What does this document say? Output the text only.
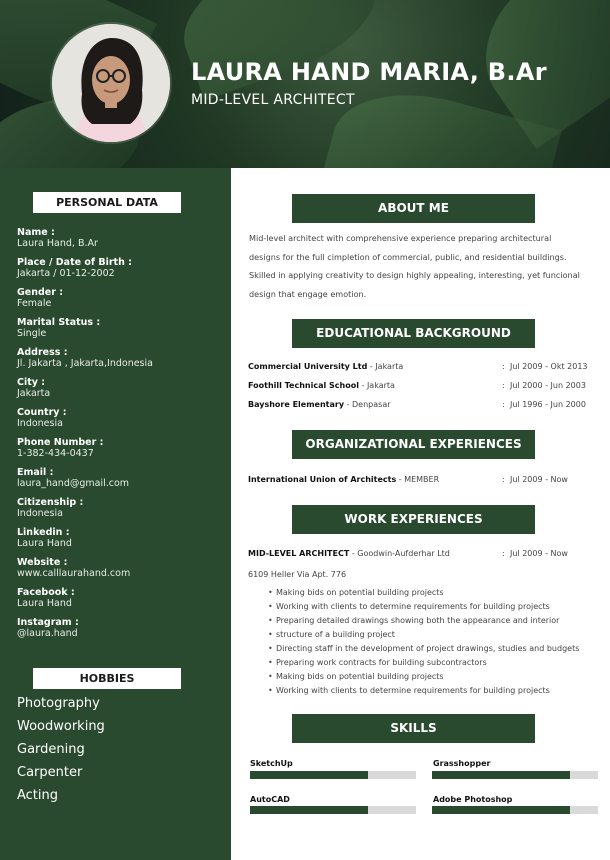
LAURA HAND MARIA, B.Ar
MID-LEVEL ARCHITECT
PERSONAL DATA
Name :
Laura Hand, B.Ar
Place / Date of Birth :
Jakarta / 01-12-2002
Gender :
Female
Marital Status :
Single
Address :
Jl. Jakarta , Jakarta,Indonesia
City :
Jakarta
Country :
Indonesia
Phone Number :
1-382-434-0437
Email :
laura_hand@gmail.com
Citizenship :
Indonesia
Linkedin :
Laura Hand
Website :
www.calllaurahand.com
Facebook :
Laura Hand
Instagram :
@laura.hand
HOBBIES
Photography
Woodworking
Gardening
Carpenter
Acting
ABOUT ME
Mid-level architect with comprehensive experience preparing architectural
designs for the full cimpletion of commercial, public, and residential buildings.
Skilled in applying creativity to design highly appealing, interesting, yet funcional
design that engage emotion.
EDUCATIONAL BACKGROUND
Commercial University Ltd - Jakarta	: Jul 2009 - Okt 2013
Foothill Technical School - Jakarta	: Jul 2000 - Jun 2003
Bayshore Elementary - Denpasar	: Jul 1996 - Jun 2000
ORGANIZATIONAL EXPERIENCES
International Union of Architects - MEMBER	: Jul 2009 - Now
WORK EXPERIENCES
MID-LEVEL ARCHITECT - Goodwin-Aufderhar Ltd	: Jul 2009 - Now
6109 Heller Via Apt. 776
• Making bids on potential building projects
• Working with clients to determine requirements for building projects
• Preparing detailed drawings showing both the appearance and interior
• structure of a building project
• Directing staff in the development of project drawings, studies and budgets
• Preparing work contracts for building subcontractors
• Making bids on potential building projects
• Working with clients to determine requirements for building projects
SKILLS
SketchUp	Grasshopper
AutoCAD	Adobe Photoshop
